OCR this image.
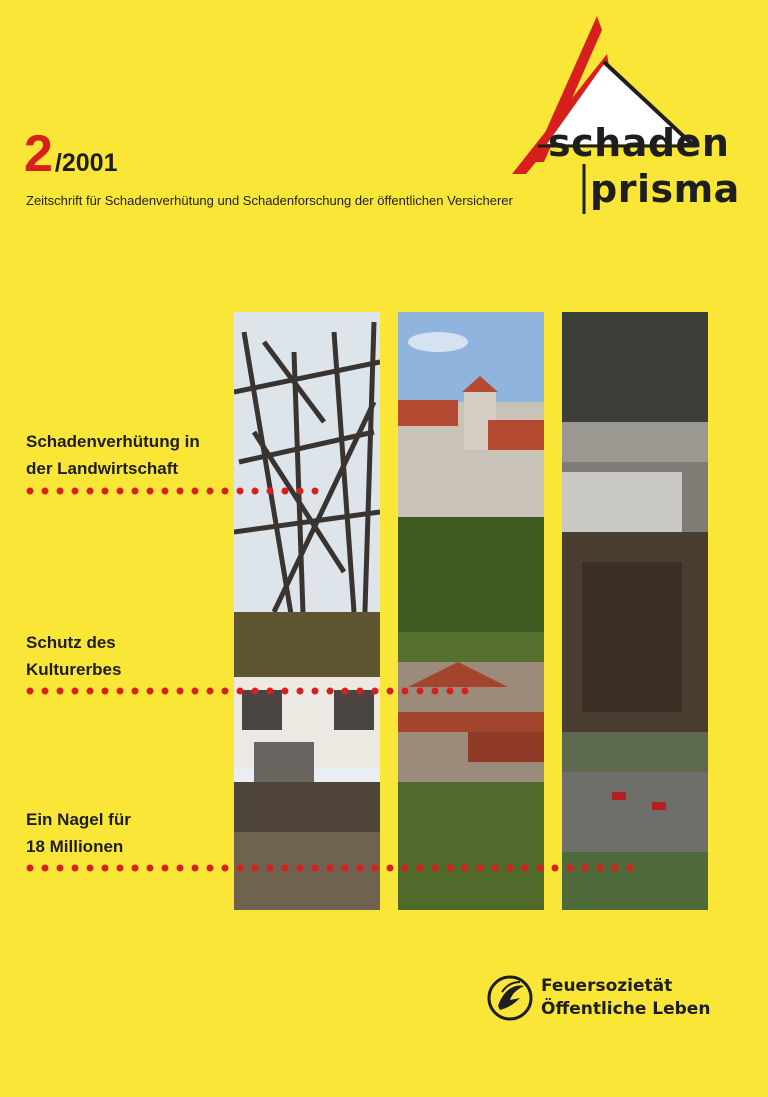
schaden
prisma
2/2001
Zeitschrift für Schadenverhütung und Schadenforschung der öffentlichen Versicherer
Schadenverhütung in
der Landwirtschaft
Schutz des
Kulturerbes
Ein Nagel für
18 Millionen
Feuersozietät
Öffentliche Leben
